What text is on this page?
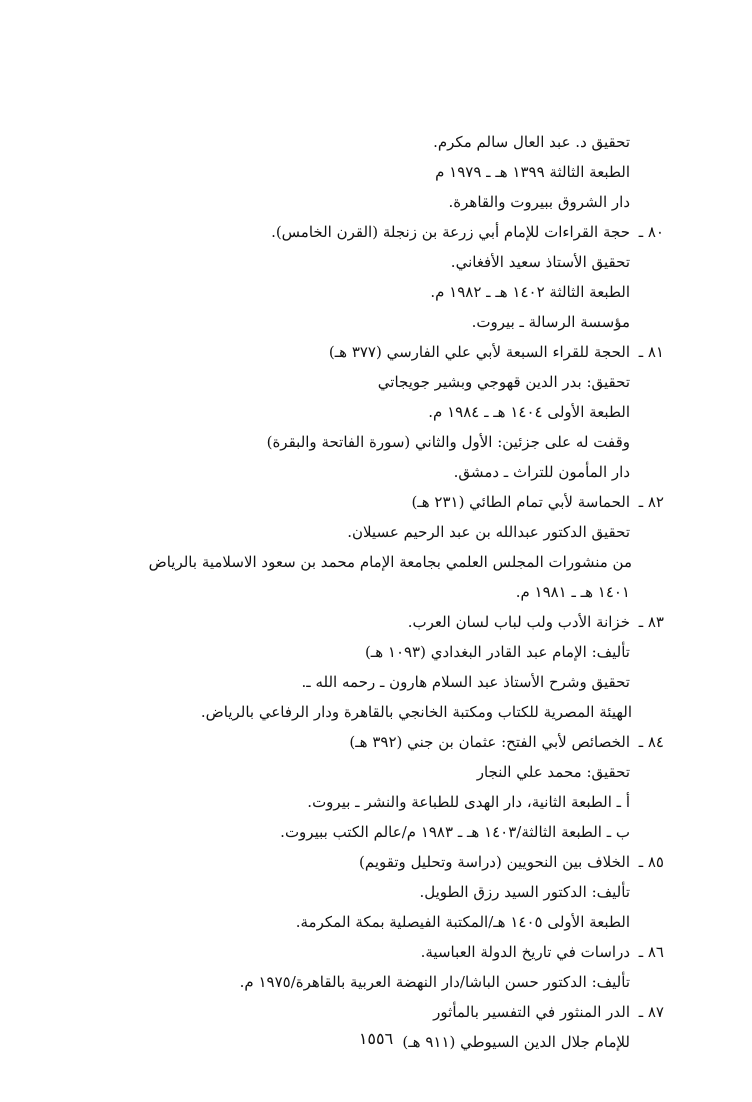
تحقيق د. عبد العال سالم مكرم.
الطبعة الثالثة ١٣٩٩ هـ ـ ١٩٧٩ م
دار الشروق ببيروت والقاهرة.
٨٠ ـ
حجة القراءات للإمام أبي زرعة بن زنجلة (القرن الخامس).
تحقيق الأستاذ سعيد الأفغاني.
الطبعة الثالثة ١٤٠٢ هـ ـ ١٩٨٢ م.
مؤسسة الرسالة ـ بيروت.
٨١ ـ
الحجة للقراء السبعة لأبي علي الفارسي (٣٧٧ هـ)
تحقيق: بدر الدين قهوجي وبشير جويجاتي
الطبعة الأولى ١٤٠٤ هـ ـ ١٩٨٤ م.
وقفت له على جزئين: الأول والثاني (سورة الفاتحة والبقرة)
دار المأمون للتراث ـ دمشق.
٨٢ ـ
الحماسة لأبي تمام الطائي (٢٣١ هـ)
تحقيق الدكتور عبدالله بن عبد الرحيم عسيلان.
من منشورات المجلس العلمي بجامعة الإمام محمد بن سعود الاسلامية بالرياض
١٤٠١ هـ ـ ١٩٨١ م.
٨٣ ـ
خزانة الأدب ولب لباب لسان العرب.
تأليف: الإمام عبد القادر البغدادي (١٠٩٣ هـ)
تحقيق وشرح الأستاذ عبد السلام هارون ـ رحمه الله ـ.
الهيئة المصرية للكتاب ومكتبة الخانجي بالقاهرة ودار الرفاعي بالرياض.
٨٤ ـ
الخصائص لأبي الفتح: عثمان بن جني (٣٩٢ هـ)
تحقيق: محمد علي النجار
أ ـ الطبعة الثانية، دار الهدى للطباعة والنشر ـ بيروت.
ب ـ الطبعة الثالثة/١٤٠٣ هـ ـ ١٩٨٣ م/عالم الكتب ببيروت.
٨٥ ـ
الخلاف بين النحويين (دراسة وتحليل وتقويم)
تأليف: الدكتور السيد رزق الطويل.
الطبعة الأولى ١٤٠٥ هـ/المكتبة الفيصلية بمكة المكرمة.
٨٦ ـ
دراسات في تاريخ الدولة العباسية.
تأليف: الدكتور حسن الباشا/دار النهضة العربية بالقاهرة/١٩٧٥ م.
٨٧ ـ
الدر المنثور في التفسير بالمأثور
للإمام جلال الدين السيوطي (٩١١ هـ)
١٥٥٦
